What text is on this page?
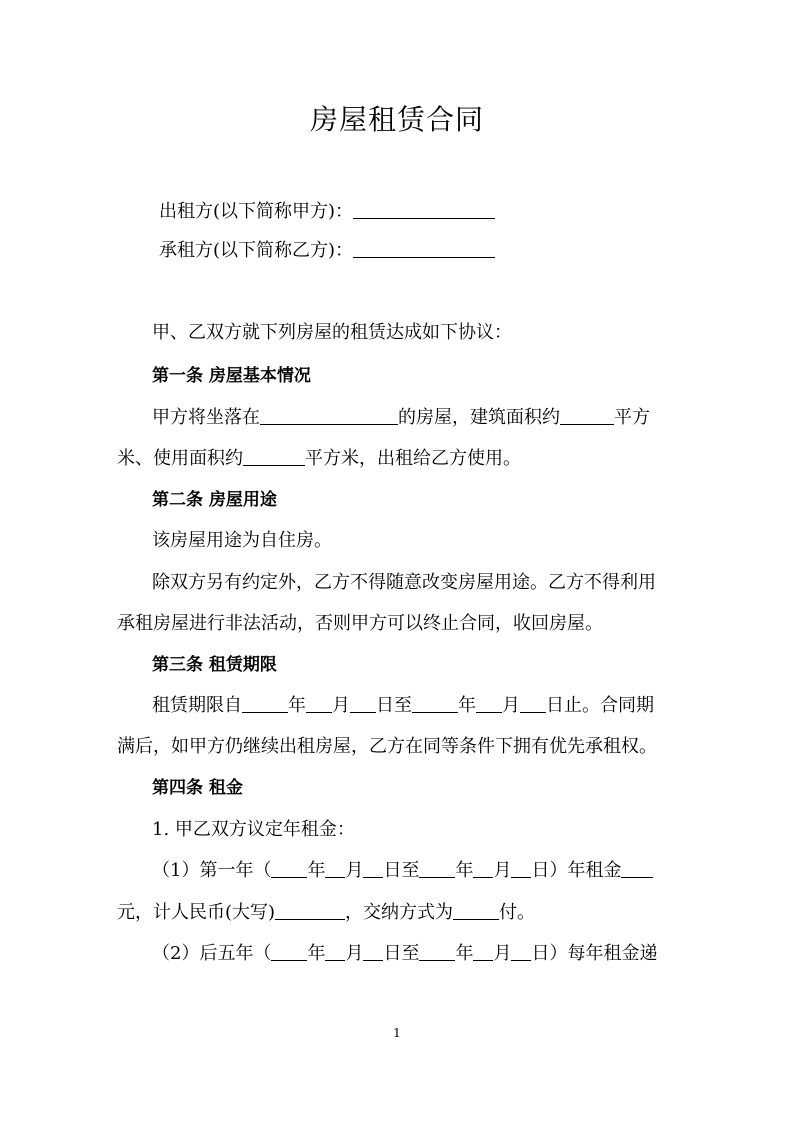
房屋租赁合同
出租方(以下简称甲方)：
承租方(以下简称乙方)：
甲、乙双方就下列房屋的租赁达成如下协议：
第一条 房屋基本情况
甲方将坐落在	的房屋，建筑面积约	平方
米、使用面积约	平方米，出租给乙方使用。
第二条 房屋用途
该房屋用途为自住房。
除双方另有约定外，乙方不得随意改变房屋用途。乙方不得利用
承租房屋进行非法活动，否则甲方可以终止合同，收回房屋。
第三条 租赁期限
租赁期限自	年 月 日至	年 月 日止。合同期
满后，如甲方仍继续出租房屋，乙方在同等条件下拥有优先承租权。
第四条 租金
1. 甲乙双方议定年租金：
（1）第一年（ 年 月 日至 年 月 日）年租金
元，计人民币(大写)	，交纳方式为	付。
（2）后五年（ 年 月 日至 年 月 日）每年租金递
1
